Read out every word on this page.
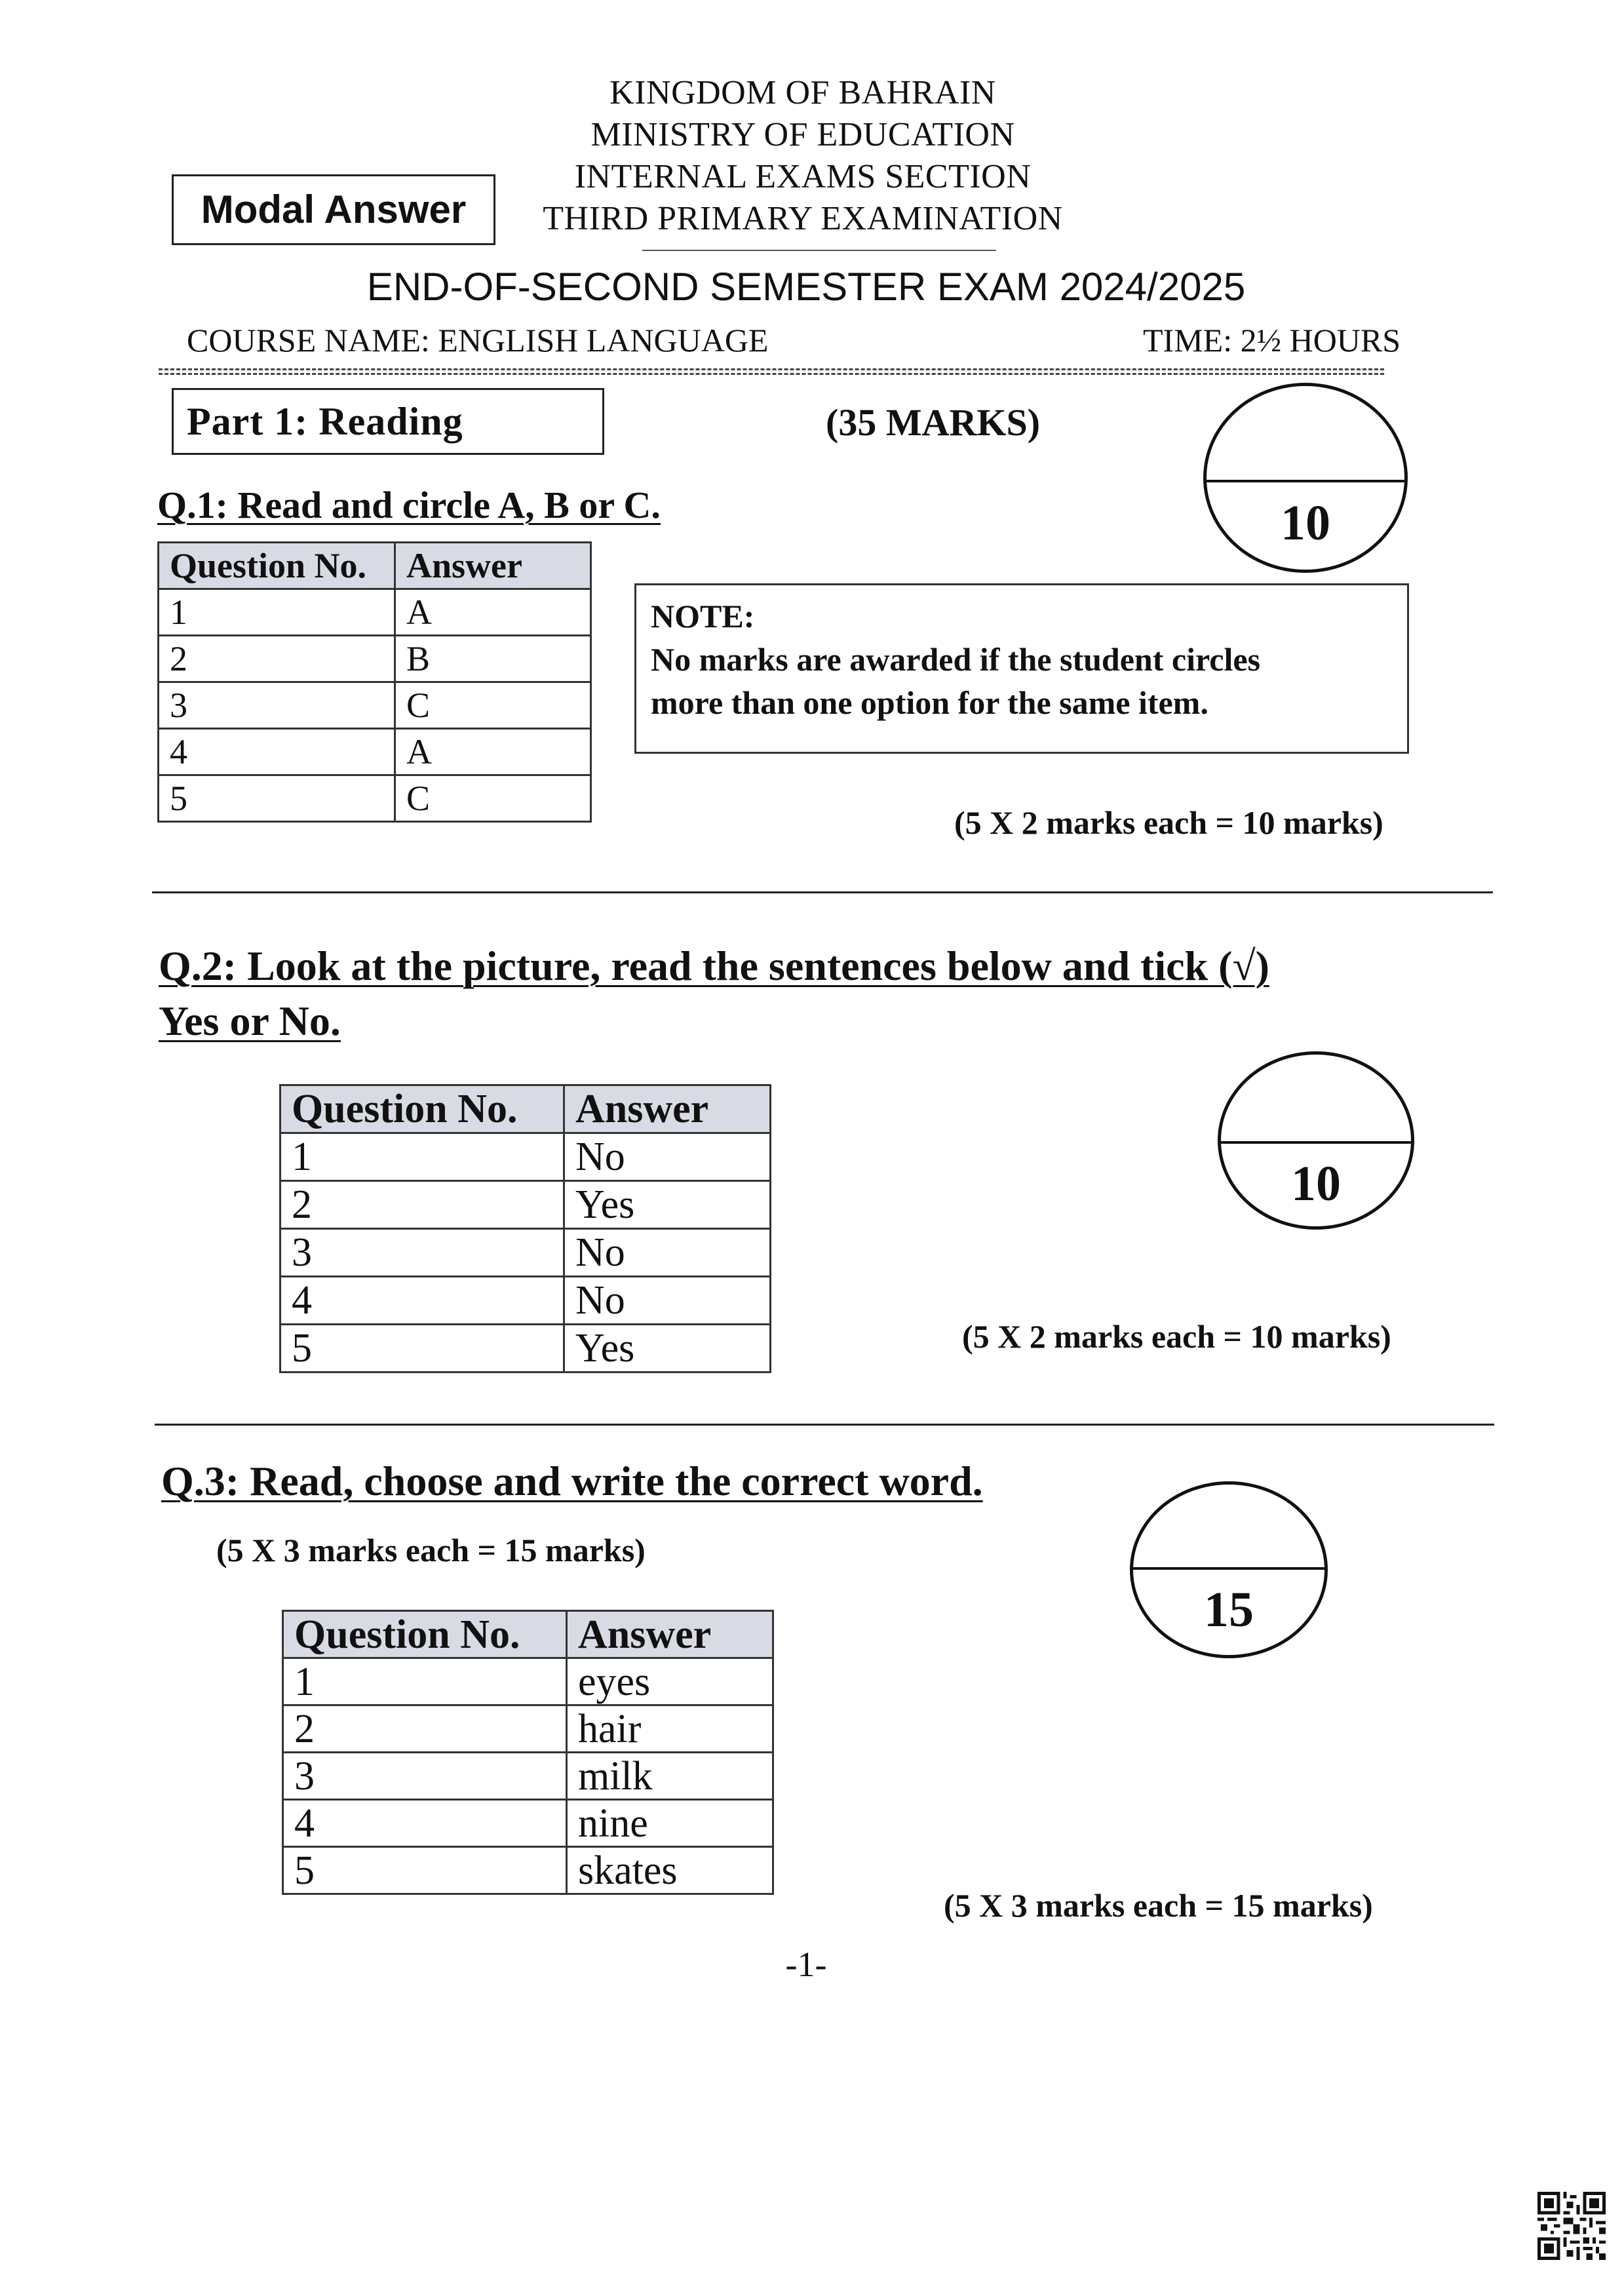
KINGDOM OF BAHRAIN
MINISTRY OF EDUCATION
INTERNAL EXAMS SECTION
THIRD PRIMARY EXAMINATION
Modal Answer
END-OF-SECOND SEMESTER EXAM 2024/2025
COURSE NAME: ENGLISH LANGUAGE	TIME: 2½ HOURS
Part 1: Reading	(35 MARKS)
10
Q.1: Read and circle A, B or C.
Question No.	Answer
1	A
2	B
3	C
4	A
5	C
NOTE:
No marks are awarded if the student circles
more than one option for the same item.
(5 X 2 marks each = 10 marks)
Q.2: Look at the picture, read the sentences below and tick (√)
Yes or No.
10
Question No.	Answer
1	No
2	Yes
3	No
4	No
5	Yes	(5 X 2 marks each = 10 marks)
Q.3: Read, choose and write the correct word.
(5 X 3 marks each = 15 marks)
15
Question No.	Answer
1	eyes
2	hair
3	milk
4	nine
5	skates
(5 X 3 marks each = 15 marks)
-1-
